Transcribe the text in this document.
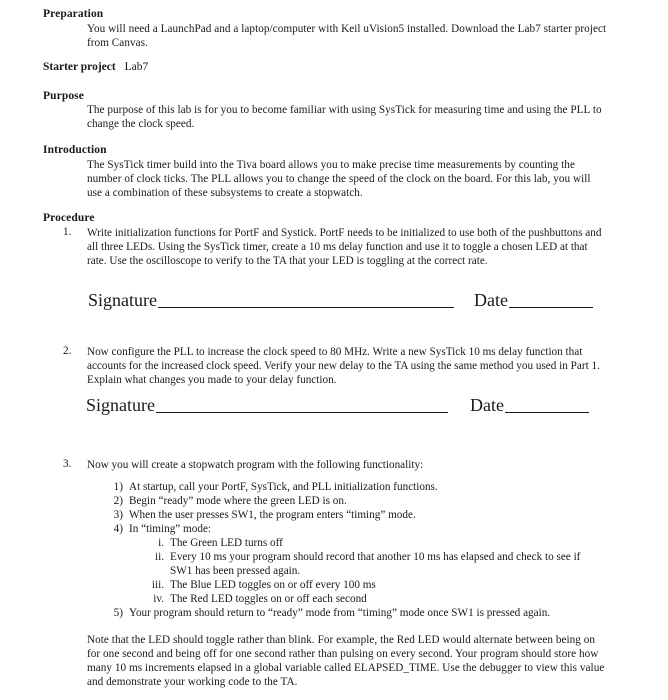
Preparation
You will need a LaunchPad and a laptop/computer with Keil uVision5 installed. Download the Lab7 starter project from Canvas.
Starter project Lab7
Purpose
The purpose of this lab is for you to become familiar with using SysTick for measuring time and using the PLL to change the clock speed.
Introduction
The SysTick timer build into the Tiva board allows you to make precise time measurements by counting the number of clock ticks. The PLL allows you to change the speed of the clock on the board. For this lab, you will use a combination of these subsystems to create a stopwatch.
Procedure
1. Write initialization functions for PortF and Systick. PortF needs to be initialized to use both of the pushbuttons and all three LEDs. Using the SysTick timer, create a 10 ms delay function and use it to toggle a chosen LED at that rate. Use the oscilloscope to verify to the TA that your LED is toggling at the correct rate.
Signature	Date
2. Now configure the PLL to increase the clock speed to 80 MHz. Write a new SysTick 10 ms delay function that accounts for the increased clock speed. Verify your new delay to the TA using the same method you used in Part 1. Explain what changes you made to your delay function.
Signature	Date
3. Now you will create a stopwatch program with the following functionality:
1) At startup, call your PortF, SysTick, and PLL initialization functions.
2) Begin “ready” mode where the green LED is on.
3) When the user presses SW1, the program enters “timing” mode.
4) In “timing” mode:
i. The Green LED turns off
ii. Every 10 ms your program should record that another 10 ms has elapsed and check to see if SW1 has been pressed again.
iii. The Blue LED toggles on or off every 100 ms
iv. The Red LED toggles on or off each second
5) Your program should return to “ready” mode from “timing” mode once SW1 is pressed again.
Note that the LED should toggle rather than blink. For example, the Red LED would alternate between being on for one second and being off for one second rather than pulsing on every second. Your program should store how many 10 ms increments elapsed in a global variable called ELAPSED_TIME. Use the debugger to view this value and demonstrate your working code to the TA.
